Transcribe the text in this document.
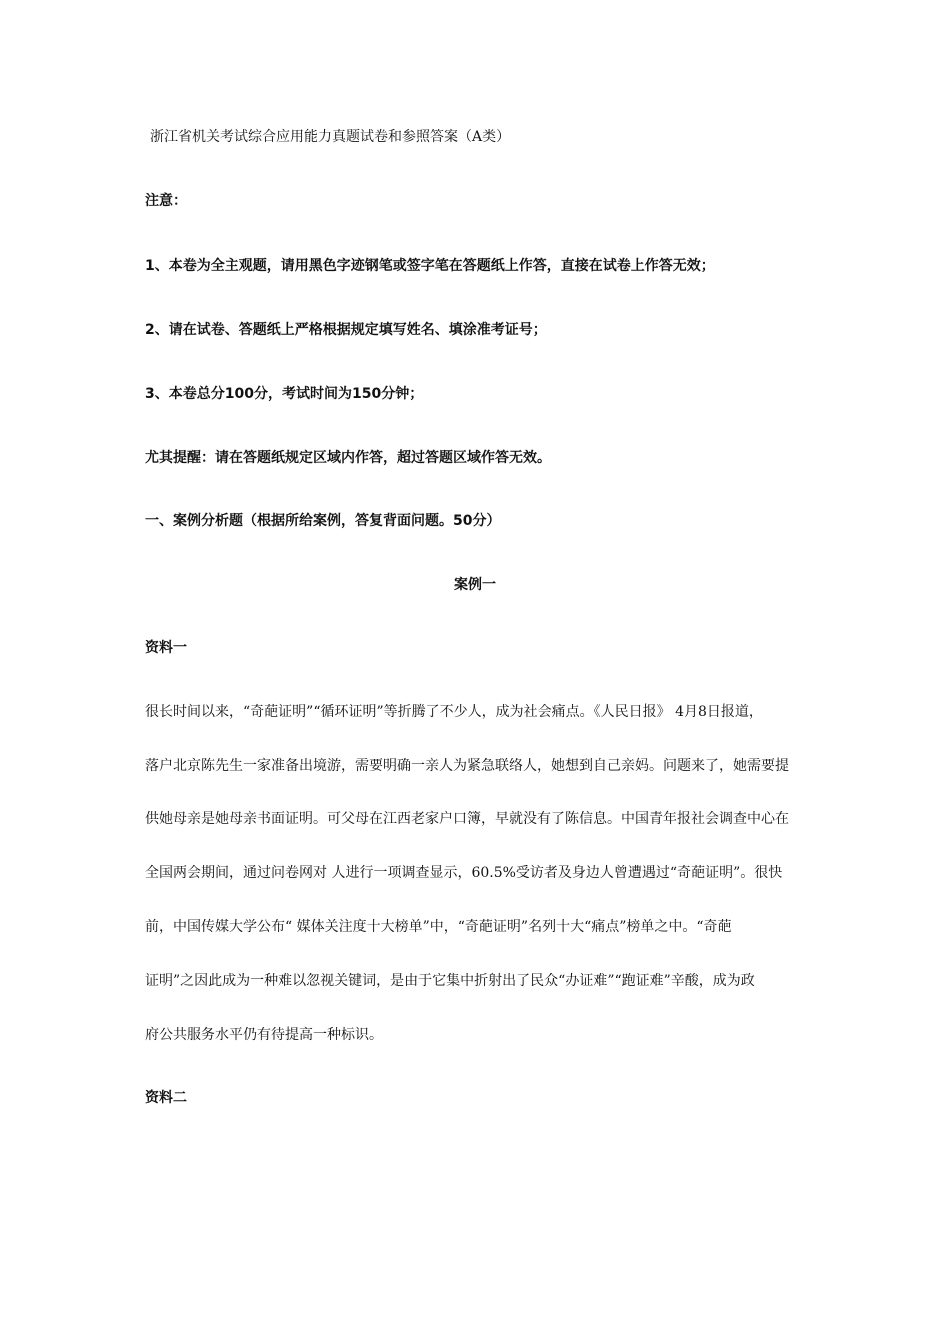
浙江省机关考试综合应用能力真题试卷和参照答案（A类）
注意：
1、本卷为全主观题，请用黑色字迹钢笔或签字笔在答题纸上作答，直接在试卷上作答无效；
2、请在试卷、答题纸上严格根据规定填写姓名、填涂准考证号；
3、本卷总分100分，考试时间为150分钟；
尤其提醒：请在答题纸规定区域内作答，超过答题区域作答无效。
一、案例分析题（根据所给案例，答复背面问题。50分）
案例一
资料一
很长时间以来，“奇葩证明”“循环证明”等折腾了不少人，成为社会痛点。《人民日报》 4月8日报道，
落户北京陈先生一家准备出境游，需要明确一亲人为紧急联络人，她想到自己亲妈。问题来了，她需要提
供她母亲是她母亲书面证明。可父母在江西老家户口簿，早就没有了陈信息。中国青年报社会调查中心在
全国两会期间，通过问卷网对 人进行一项调查显示，60.5%受访者及身边人曾遭遇过“奇葩证明”。很快
前，中国传媒大学公布“ 媒体关注度十大榜单”中，“奇葩证明”名列十大“痛点”榜单之中。“奇葩
证明”之因此成为一种难以忽视关键词，是由于它集中折射出了民众“办证难”“跑证难”辛酸，成为政
府公共服务水平仍有待提高一种标识。
资料二
